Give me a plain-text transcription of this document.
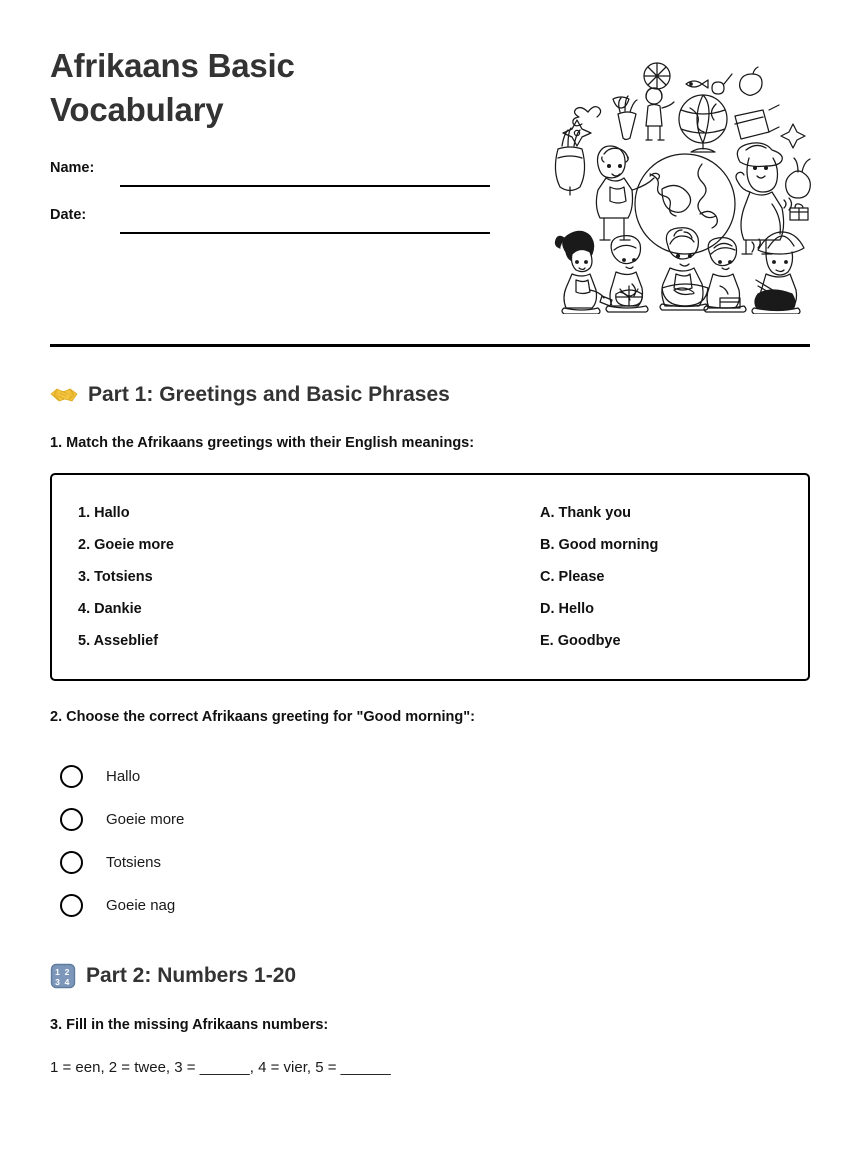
Afrikaans Basic Vocabulary
Name:
Date:
Part 1: Greetings and Basic Phrases
1. Match the Afrikaans greetings with their English meanings:
1. Hallo	A. Thank you
2. Goeie more	B. Good morning
3. Totsiens	C. Please
4. Dankie	D. Hello
5. Asseblief	E. Goodbye
2. Choose the correct Afrikaans greeting for "Good morning":
Hallo
Goeie more
Totsiens
Goeie nag
1 2
3 4 Part 2: Numbers 1-20
3. Fill in the missing Afrikaans numbers:
1 = een, 2 = twee, 3 = ______, 4 = vier, 5 = ______
